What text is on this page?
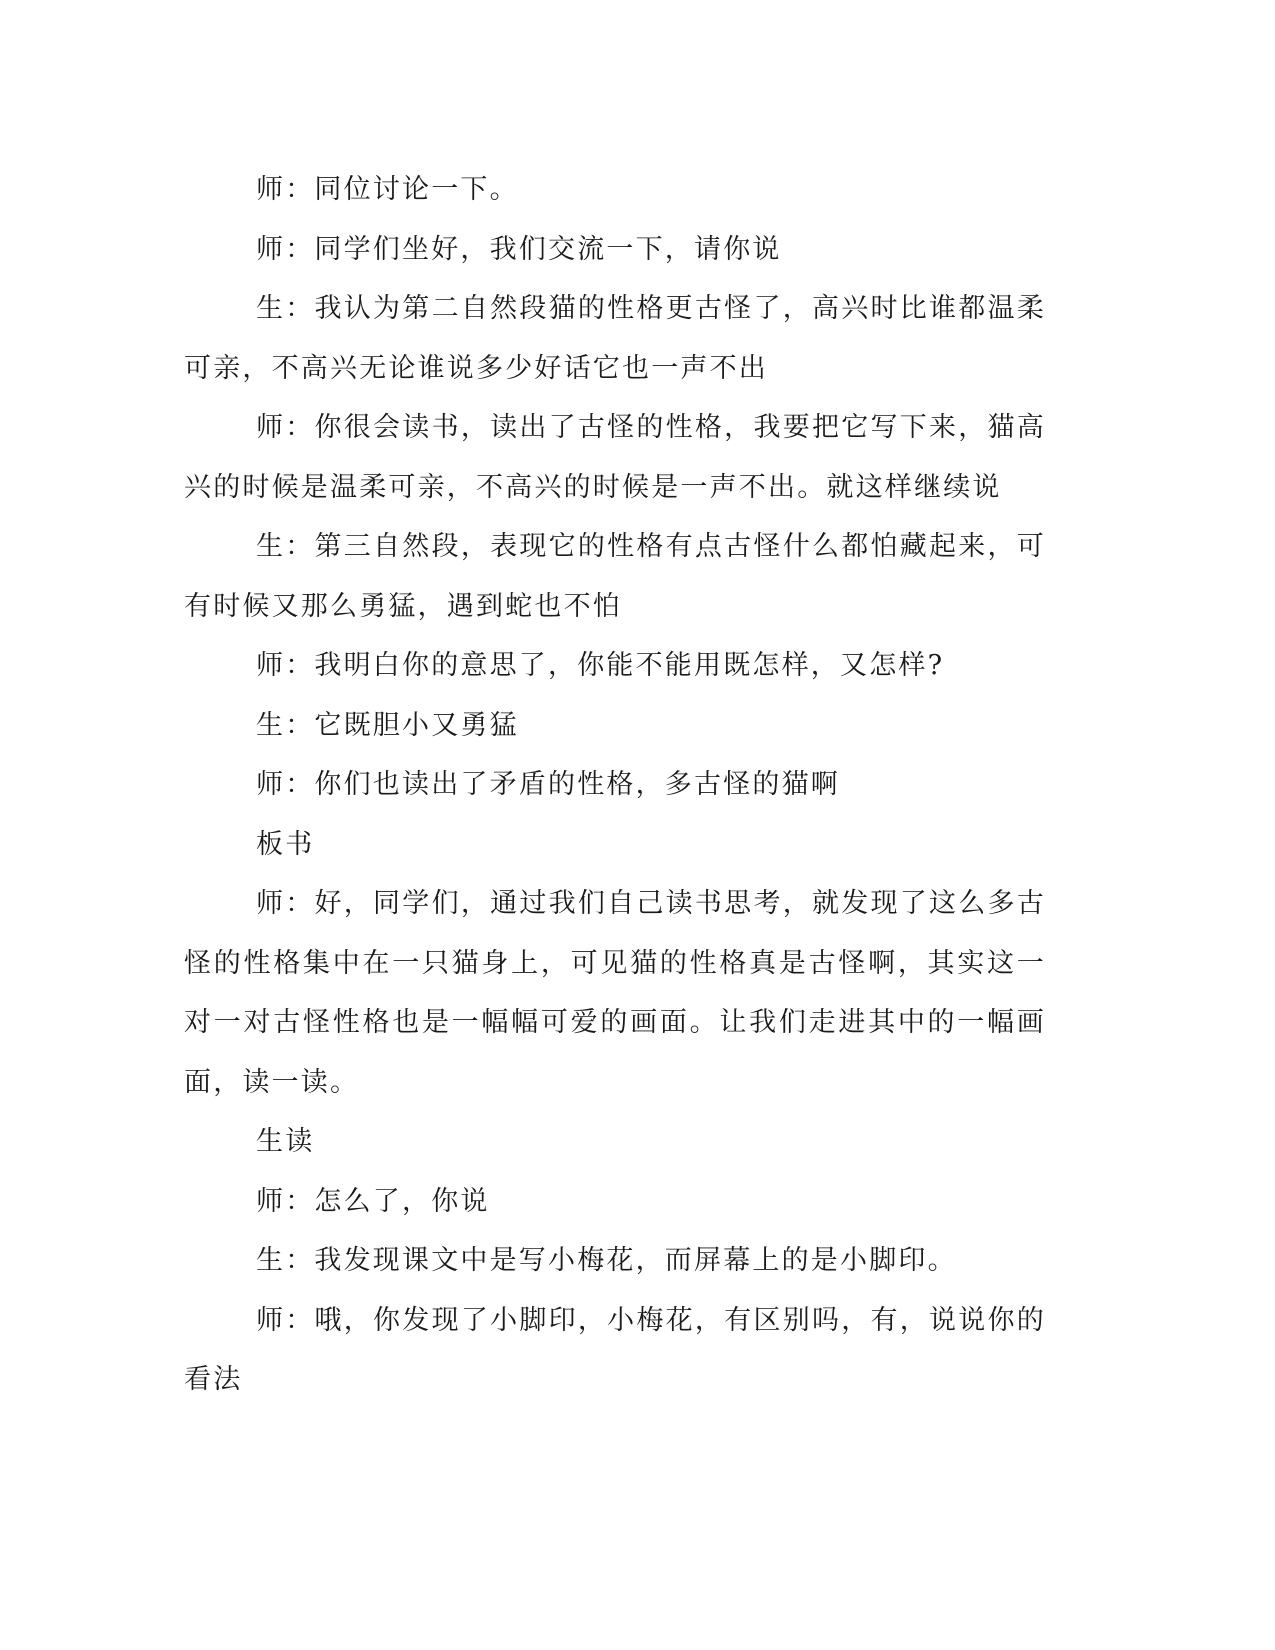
师：同位讨论一下。

师：同学们坐好，我们交流一下，请你说

生：我认为第二自然段猫的性格更古怪了，高兴时比谁都温柔可亲，不高兴无论谁说多少好话它也一声不出

师：你很会读书，读出了古怪的性格，我要把它写下来，猫高兴的时候是温柔可亲，不高兴的时候是一声不出。就这样继续说

生：第三自然段，表现它的性格有点古怪什么都怕藏起来，可有时候又那么勇猛，遇到蛇也不怕

师：我明白你的意思了，你能不能用既怎样，又怎样?

生：它既胆小又勇猛

师：你们也读出了矛盾的性格，多古怪的猫啊

板书

师：好，同学们，通过我们自己读书思考，就发现了这么多古怪的性格集中在一只猫身上，可见猫的性格真是古怪啊，其实这一对一对古怪性格也是一幅幅可爱的画面。让我们走进其中的一幅画面，读一读。

生读

师：怎么了，你说

生：我发现课文中是写小梅花，而屏幕上的是小脚印。

师：哦，你发现了小脚印，小梅花，有区别吗，有，说说你的看法
